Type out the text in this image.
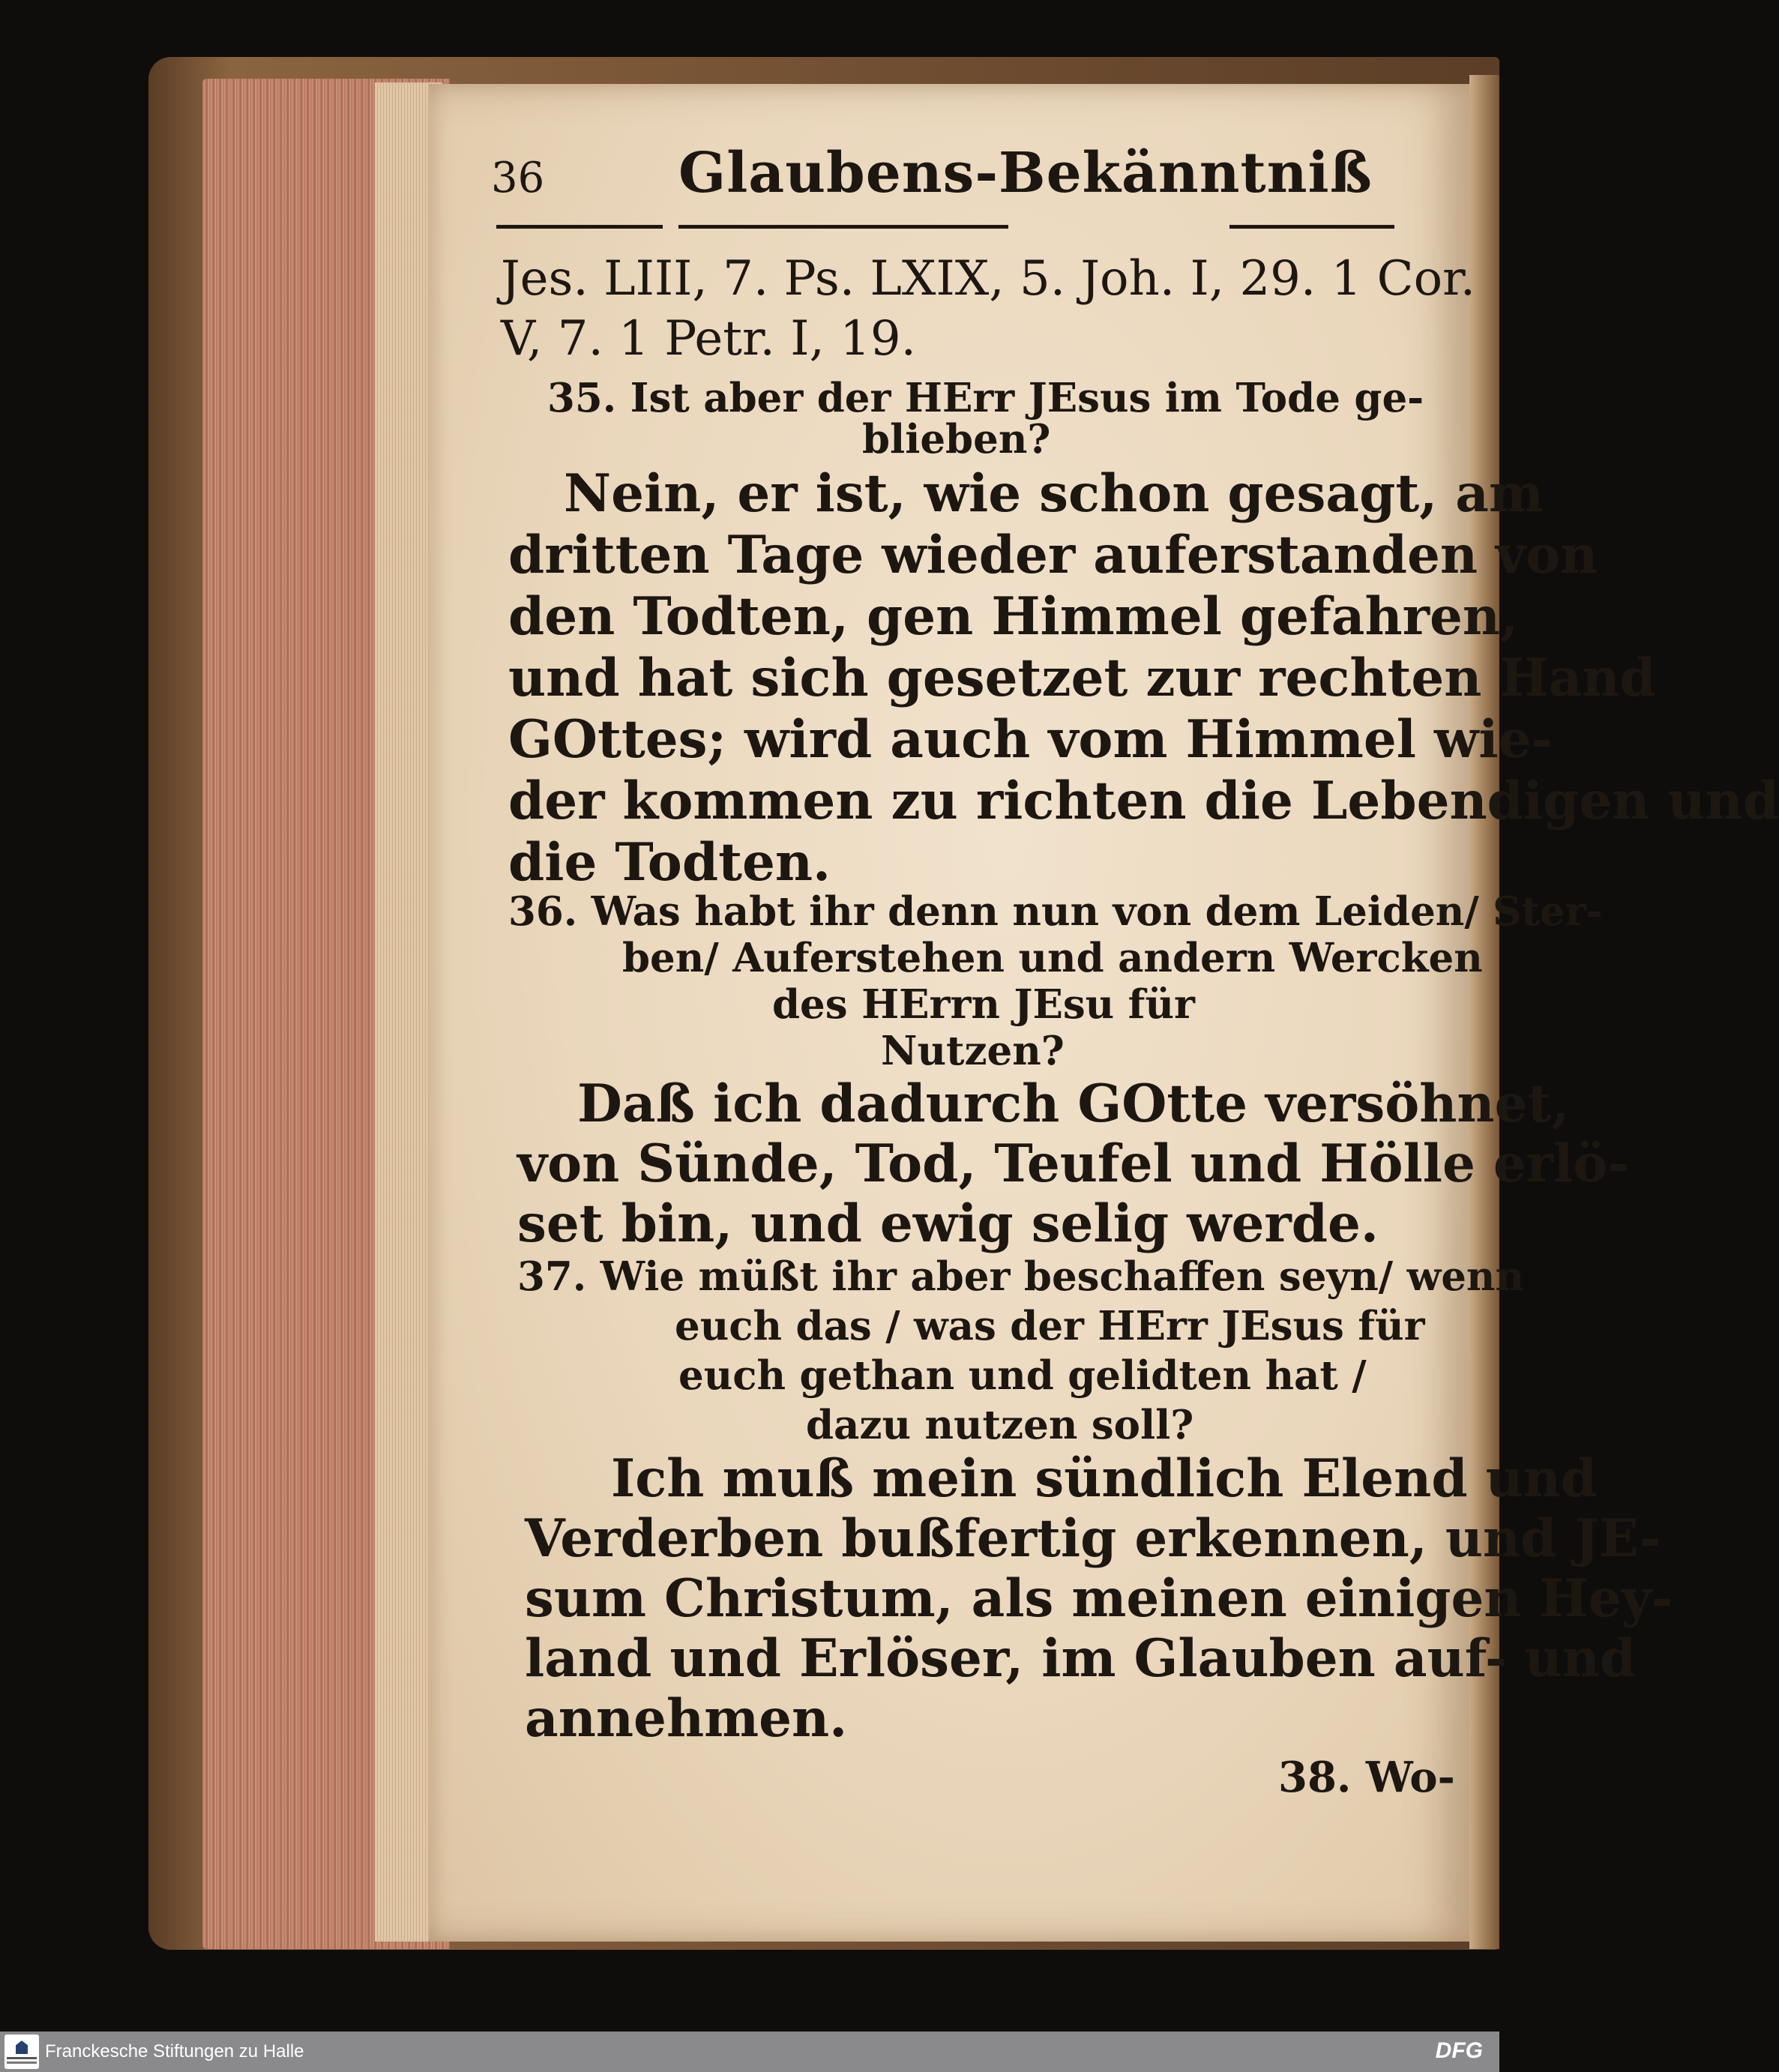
36 Glaubens-Bekänntniß
Jes. LIII, 7. Ps. LXIX, 5. Joh. I, 29. 1 Cor.
V, 7. 1 Petr. I, 19.
35. Ist aber der HErr JEsus im Tode ge-
blieben?
Nein, er ist, wie schon gesagt, am
dritten Tage wieder auferstanden von
den Todten, gen Himmel gefahren,
und hat sich gesetzet zur rechten Hand
GOttes; wird auch vom Himmel wie-
der kommen zu richten die Lebendigen und
die Todten.
36. Was habt ihr denn nun von dem Leiden/ Ster-
ben/ Auferstehen und andern Wercken
des HErrn JEsu für
Nutzen?
Daß ich dadurch GOtte versöhnet,
von Sünde, Tod, Teufel und Hölle erlö-
set bin, und ewig selig werde.
37. Wie müßt ihr aber beschaffen seyn/ wenn
euch das / was der HErr JEsus für
euch gethan und gelidten hat /
dazu nutzen soll?
Ich muß mein sündlich Elend und
Verderben bußfertig erkennen, und JE-
sum Christum, als meinen einigen Hey-
land und Erlöser, im Glauben auf- und
annehmen.
38. Wo-
Franckesche Stiftungen zu Halle	DFG
